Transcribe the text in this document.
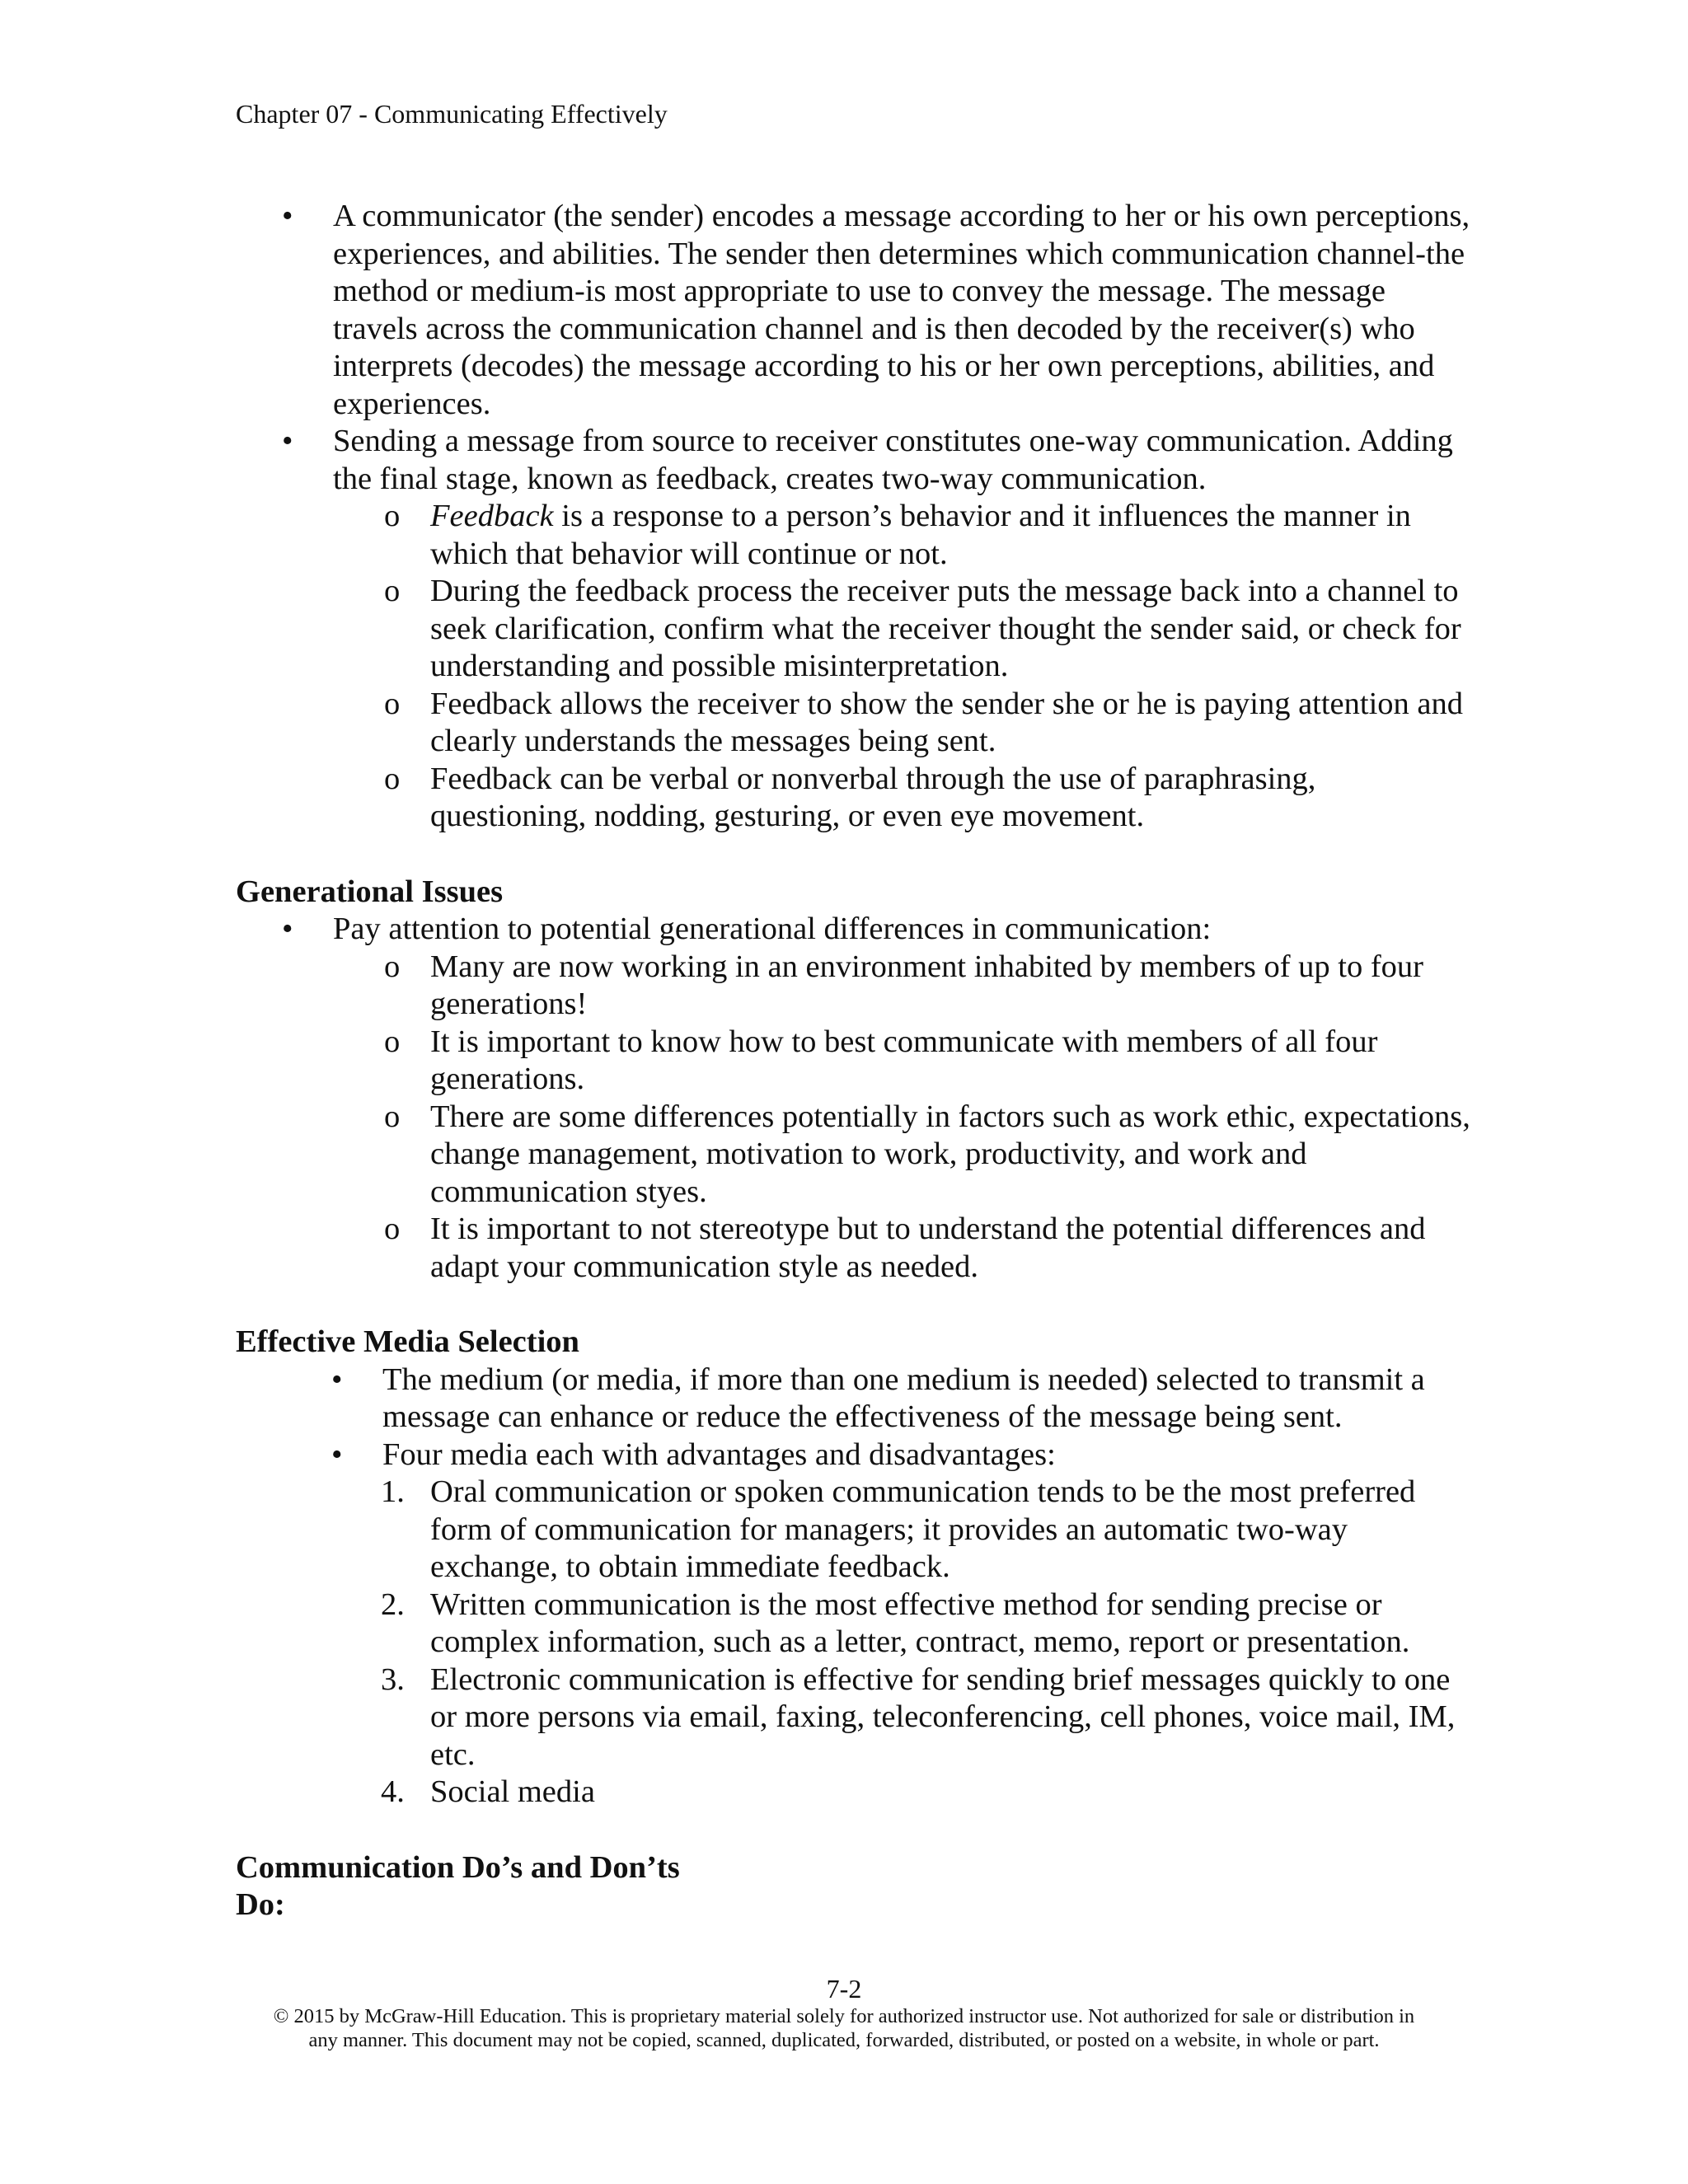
Chapter 07 - Communicating Effectively
• A communicator (the sender) encodes a message according to her or his own perceptions, experiences, and abilities. The sender then determines which communication channel-the method or medium-is most appropriate to use to convey the message. The message travels across the communication channel and is then decoded by the receiver(s) who interprets (decodes) the message according to his or her own perceptions, abilities, and experiences.
• Sending a message from source to receiver constitutes one-way communication. Adding the final stage, known as feedback, creates two-way communication.
o Feedback is a response to a person’s behavior and it influences the manner in which that behavior will continue or not.
o During the feedback process the receiver puts the message back into a channel to seek clarification, confirm what the receiver thought the sender said, or check for understanding and possible misinterpretation.
o Feedback allows the receiver to show the sender she or he is paying attention and clearly understands the messages being sent.
o Feedback can be verbal or nonverbal through the use of paraphrasing, questioning, nodding, gesturing, or even eye movement.
Generational Issues
• Pay attention to potential generational differences in communication:
o Many are now working in an environment inhabited by members of up to four generations!
o It is important to know how to best communicate with members of all four generations.
o There are some differences potentially in factors such as work ethic, expectations, change management, motivation to work, productivity, and work and communication styes.
o It is important to not stereotype but to understand the potential differences and adapt your communication style as needed.
Effective Media Selection
• The medium (or media, if more than one medium is needed) selected to transmit a message can enhance or reduce the effectiveness of the message being sent.
• Four media each with advantages and disadvantages:
1. Oral communication or spoken communication tends to be the most preferred form of communication for managers; it provides an automatic two-way exchange, to obtain immediate feedback.
2. Written communication is the most effective method for sending precise or complex information, such as a letter, contract, memo, report or presentation.
3. Electronic communication is effective for sending brief messages quickly to one or more persons via email, faxing, teleconferencing, cell phones, voice mail, IM, etc.
4. Social media
Communication Do’s and Don’ts
Do:
7-2
© 2015 by McGraw-Hill Education. This is proprietary material solely for authorized instructor use. Not authorized for sale or distribution in
any manner. This document may not be copied, scanned, duplicated, forwarded, distributed, or posted on a website, in whole or part.
